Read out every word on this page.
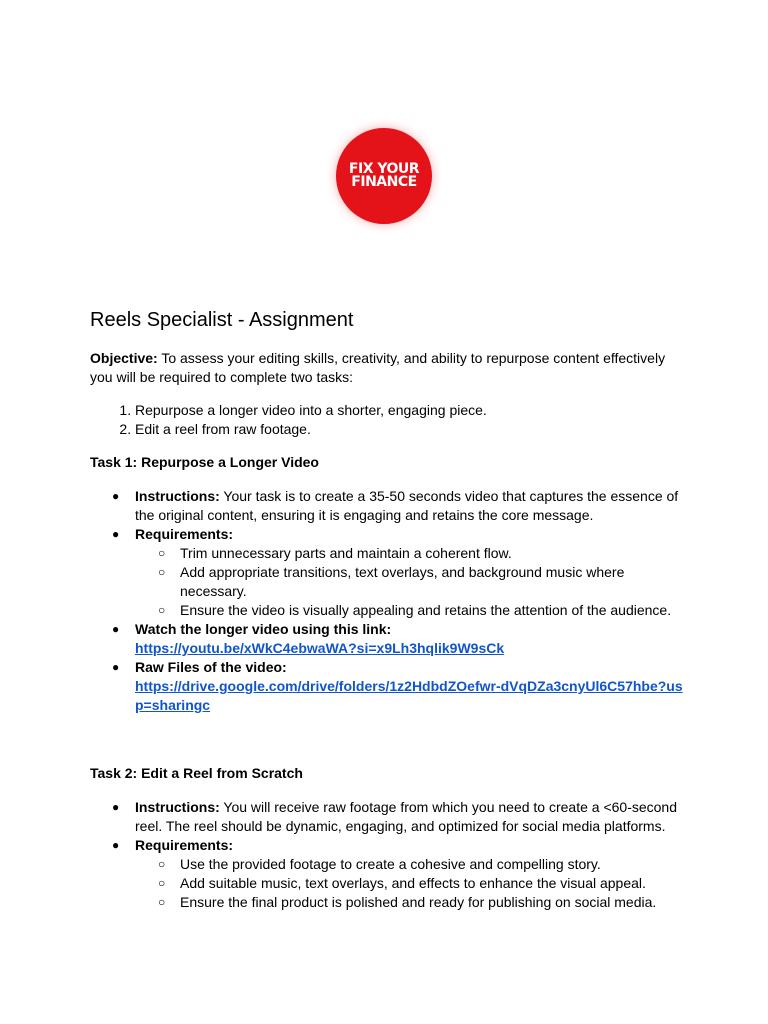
FIX YOUR
FINANCE
Reels Specialist - Assignment

Objective: To assess your editing skills, creativity, and ability to repurpose content effectively you will be required to complete two tasks:

1. Repurpose a longer video into a shorter, engaging piece.
2. Edit a reel from raw footage.
Task 1: Repurpose a Longer Video
● Instructions: Your task is to create a 35-50 seconds video that captures the essence of the original content, ensuring it is engaging and retains the core message.
● Requirements:
○ Trim unnecessary parts and maintain a coherent flow.
○ Add appropriate transitions, text overlays, and background music where necessary.
○ Ensure the video is visually appealing and retains the attention of the audience.
● Watch the longer video using this link:
https://youtu.be/xWkC4ebwaWA?si=x9Lh3hqlik9W9sCk
● Raw Files of the video:
https://drive.google.com/drive/folders/1z2HdbdZOefwr-dVqDZa3cnyUl6C57hbe?usp=sharingc
Task 2: Edit a Reel from Scratch
● Instructions: You will receive raw footage from which you need to create a <60-second reel. The reel should be dynamic, engaging, and optimized for social media platforms.
● Requirements:
○ Use the provided footage to create a cohesive and compelling story.
○ Add suitable music, text overlays, and effects to enhance the visual appeal.
○ Ensure the final product is polished and ready for publishing on social media.
